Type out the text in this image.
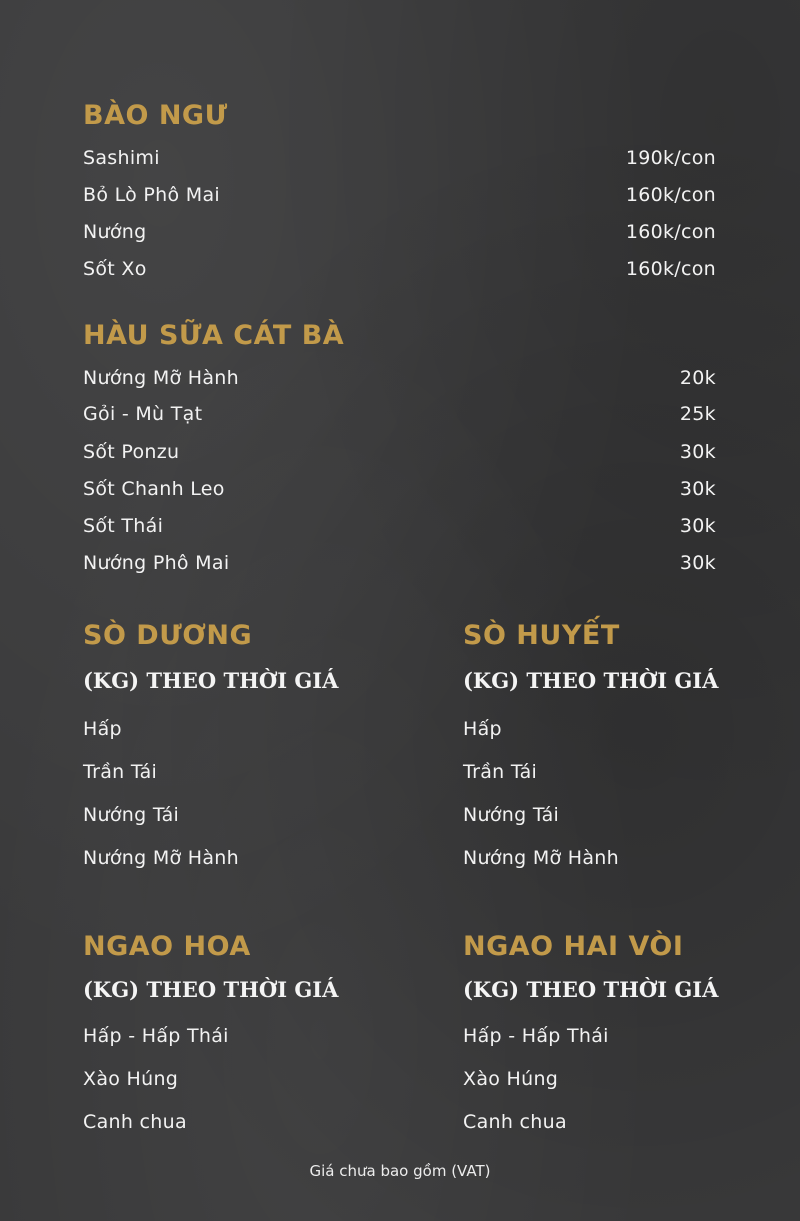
BÀO NGƯ
Sashimi	190k/con
Bỏ Lò Phô Mai	160k/con
Nướng	160k/con
Sốt Xo	160k/con
HÀU SỮA CÁT BÀ
Nướng Mỡ Hành	20k
Gỏi - Mù Tạt	25k
Sốt Ponzu	30k
Sốt Chanh Leo	30k
Sốt Thái	30k
Nướng Phô Mai	30k
SÒ DƯƠNG
(KG) THEO THỜI GIÁ
Hấp
Trần Tái
Nướng Tái
Nướng Mỡ Hành
SÒ HUYẾT
(KG) THEO THỜI GIÁ
Hấp
Trần Tái
Nướng Tái
Nướng Mỡ Hành
NGAO HOA
(KG) THEO THỜI GIÁ
Hấp - Hấp Thái
Xào Húng
Canh chua
NGAO HAI VÒI
(KG) THEO THỜI GIÁ
Hấp - Hấp Thái
Xào Húng
Canh chua
Giá chưa bao gồm (VAT)
